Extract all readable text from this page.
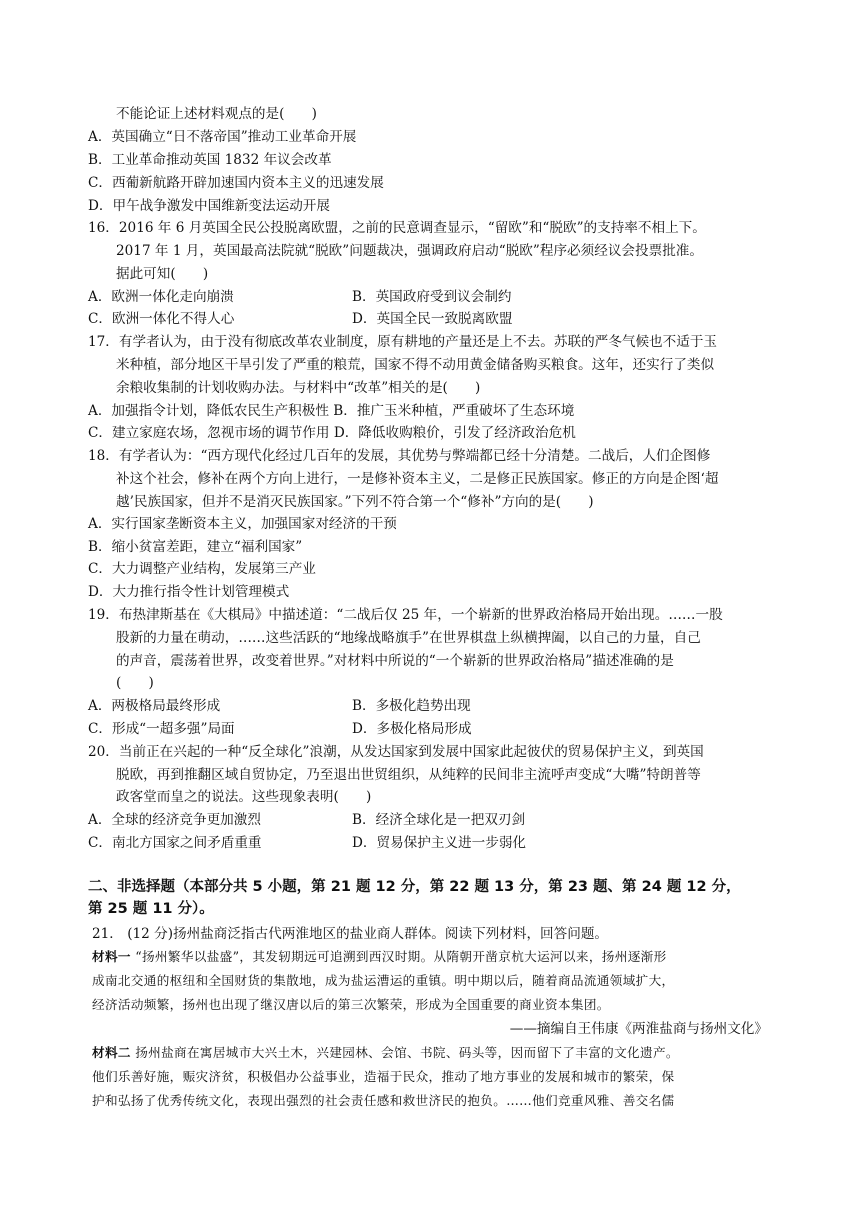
不能论证上述材料观点的是(　　)
A．英国确立“日不落帝国”推动工业革命开展
B．工业革命推动英国 1832 年议会改革
C．西葡新航路开辟加速国内资本主义的迅速发展
D．甲午战争激发中国维新变法运动开展
16．2016 年 6 月英国全民公投脱离欧盟，之前的民意调查显示，“留欧”和“脱欧”的支持率不相上下。
2017 年 1 月，英国最高法院就“脱欧”问题裁决，强调政府启动“脱欧”程序必须经议会投票批准。
据此可知(　　)
A．欧洲一体化走向崩溃	B．英国政府受到议会制约
C．欧洲一体化不得人心	D．英国全民一致脱离欧盟
17．有学者认为，由于没有彻底改革农业制度，原有耕地的产量还是上不去。苏联的严冬气候也不适于玉
米种植，部分地区干旱引发了严重的粮荒，国家不得不动用黄金储备购买粮食。这年，还实行了类似
余粮收集制的计划收购办法。与材料中“改革”相关的是(　　)
A．加强指令计划，降低农民生产积极性 B．推广玉米种植，严重破坏了生态环境
C．建立家庭农场，忽视市场的调节作用 D．降低收购粮价，引发了经济政治危机
18．有学者认为：“西方现代化经过几百年的发展，其优势与弊端都已经十分清楚。二战后，人们企图修
补这个社会，修补在两个方向上进行，一是修补资本主义，二是修正民族国家。修正的方向是企图‘超
越’民族国家，但并不是消灭民族国家。”下列不符合第一个“修补”方向的是(　　)
A．实行国家垄断资本主义，加强国家对经济的干预
B．缩小贫富差距，建立“福利国家”
C．大力调整产业结构，发展第三产业
D．大力推行指令性计划管理模式
19．布热津斯基在《大棋局》中描述道：“二战后仅 25 年，一个崭新的世界政治格局开始出现。……一股
股新的力量在萌动，……这些活跃的“地缘战略旗手”在世界棋盘上纵横捭阖，以自己的力量，自己
的声音，震荡着世界，改变着世界。”对材料中所说的“一个崭新的世界政治格局”描述准确的是
(　　)
A．两极格局最终形成	B．多极化趋势出现
C．形成“一超多强”局面	D．多极化格局形成
20．当前正在兴起的一种“反全球化”浪潮，从发达国家到发展中国家此起彼伏的贸易保护主义，到英国
脱欧，再到推翻区域自贸协定，乃至退出世贸组织，从纯粹的民间非主流呼声变成“大嘴”特朗普等
政客堂而皇之的说法。这些现象表明(　　)
A．全球的经济竞争更加激烈	B．经济全球化是一把双刃剑
C．南北方国家之间矛盾重重	D．贸易保护主义进一步弱化
二、非选择题（本部分共 5 小题，第 21 题 12 分，第 22 题 13 分，第 23 题、第 24 题 12 分，
第 25 题 11 分）。
21． (12 分)扬州盐商泛指古代两淮地区的盐业商人群体。阅读下列材料，回答问题。
材料一 “扬州繁华以盐盛”，其发轫期远可追溯到西汉时期。从隋朝开凿京杭大运河以来，扬州逐渐形
成南北交通的枢纽和全国财货的集散地，成为盐运漕运的重镇。明中期以后，随着商品流通领域扩大，
经济活动频繁，扬州也出现了继汉唐以后的第三次繁荣，形成为全国重要的商业资本集团。
——摘编自王伟康《两淮盐商与扬州文化》
材料二 扬州盐商在寓居城市大兴土木，兴建园林、会馆、书院、码头等，因而留下了丰富的文化遗产。
他们乐善好施，赈灾济贫，积极倡办公益事业，造福于民众，推动了地方事业的发展和城市的繁荣，保
护和弘扬了优秀传统文化，表现出强烈的社会责任感和救世济民的抱负。……他们竞重风雅、善交名儒
